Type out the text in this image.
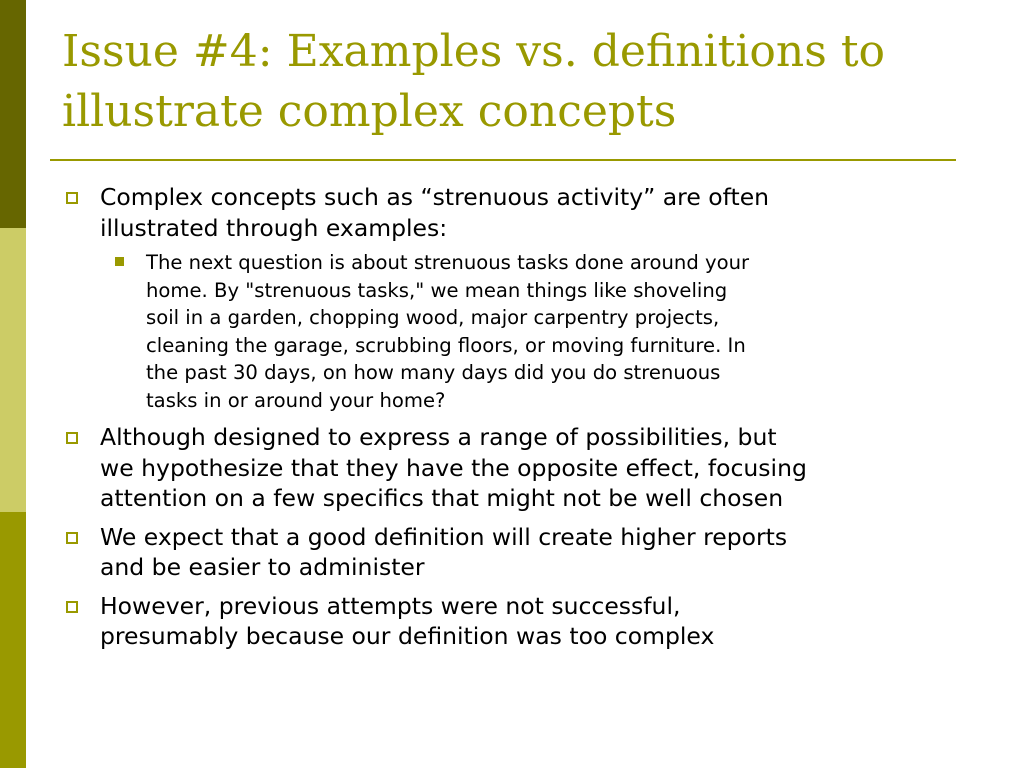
Issue #4: Examples vs. definitions to
illustrate complex concepts
Complex concepts such as “strenuous activity” are often
illustrated through examples:
The next question is about strenuous tasks done around your
home. By "strenuous tasks," we mean things like shoveling
soil in a garden, chopping wood, major carpentry projects,
cleaning the garage, scrubbing floors, or moving furniture. In
the past 30 days, on how many days did you do strenuous
tasks in or around your home?
Although designed to express a range of possibilities, but
we hypothesize that they have the opposite effect, focusing
attention on a few specifics that might not be well chosen
We expect that a good definition will create higher reports
and be easier to administer
However, previous attempts were not successful,
presumably because our definition was too complex
